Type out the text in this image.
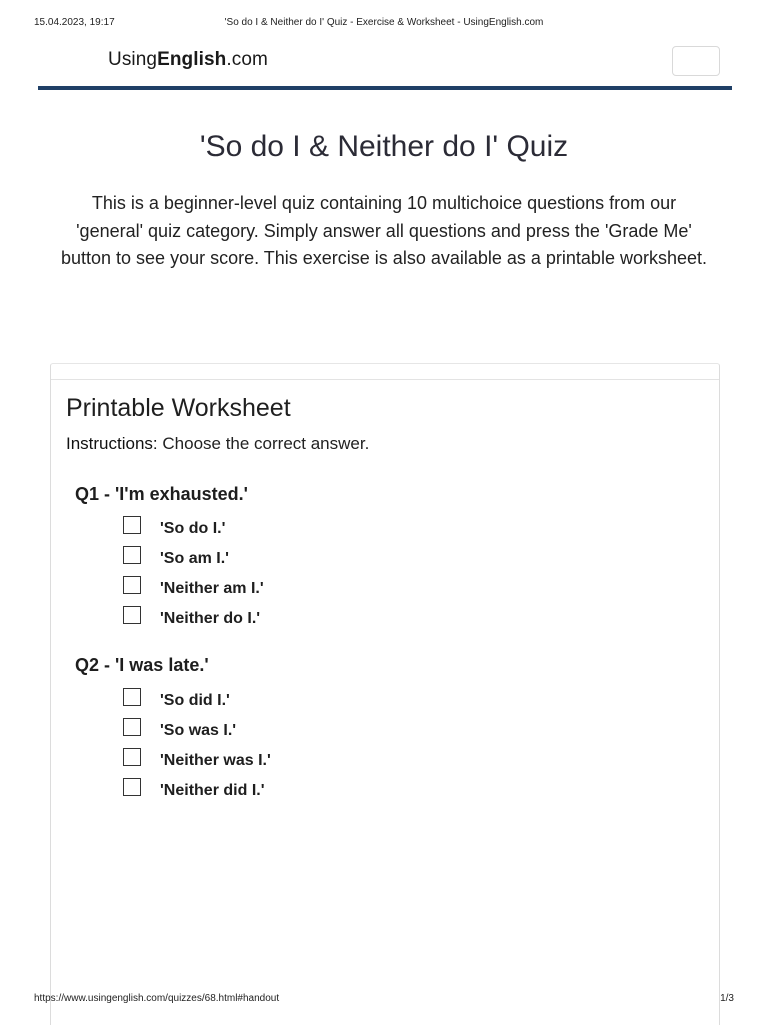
15.04.2023, 19:17	'So do I & Neither do I' Quiz - Exercise & Worksheet - UsingEnglish.com
UsingEnglish.com
'So do I & Neither do I' Quiz

This is a beginner-level quiz containing 10 multichoice questions from our 'general' quiz category. Simply answer all questions and press the 'Grade Me' button to see your score. This exercise is also available as a printable worksheet.

Printable Worksheet

Instructions: Choose the correct answer.

Q1 - 'I'm exhausted.'
'So do I.'
'So am I.'
'Neither am I.'
'Neither do I.'
Q2 - 'I was late.'
'So did I.'
'So was I.'
'Neither was I.'
'Neither did I.'
https://www.usingenglish.com/quizzes/68.html#handout	1/3
